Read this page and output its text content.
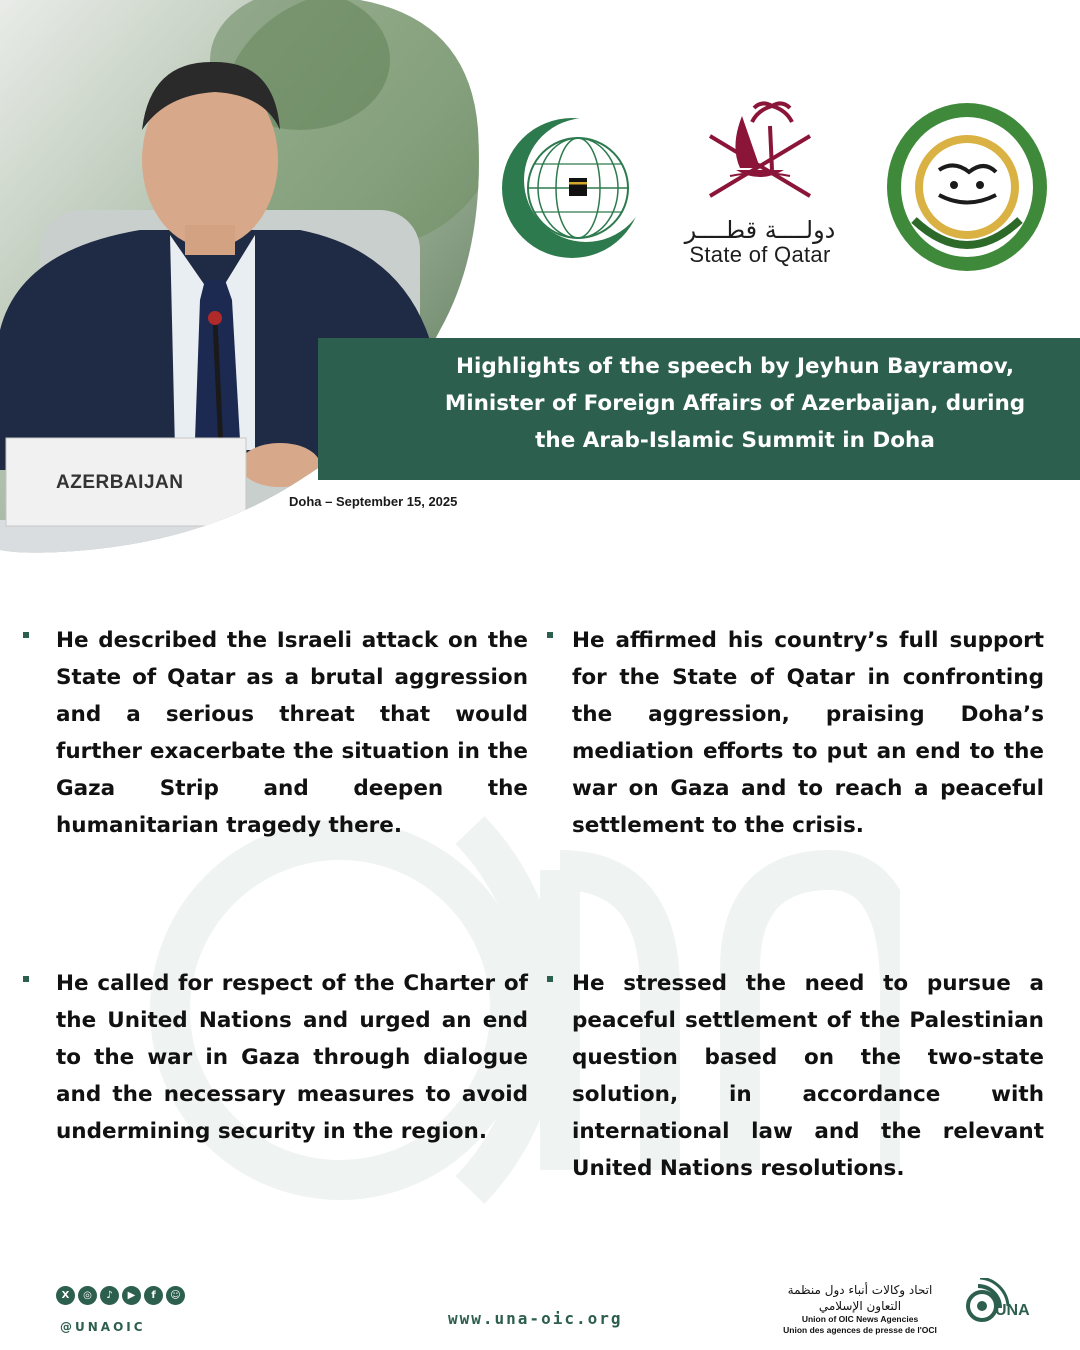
AZERBAIJAN
دولــــة قطــــر
State of Qatar
Highlights of the speech by Jeyhun Bayramov,
Minister of Foreign Affairs of Azerbaijan, during
the Arab-Islamic Summit in Doha
Doha – September 15, 2025
He described the Israeli attack on the State of Qatar as a brutal aggression and a serious threat that would further exacerbate the situation in the Gaza Strip and deepen the humanitarian tragedy there.
He affirmed his country’s full support for the State of Qatar in confronting the aggression, praising Doha’s mediation efforts to put an end to the war on Gaza and to reach a peaceful settlement to the crisis.
He called for respect of the Charter of the United Nations and urged an end to the war in Gaza through dialogue and the necessary measures to avoid undermining security in the region.
He stressed the need to pursue a peaceful settlement of the Palestinian question based on the two-state solution, in accordance with international law and the relevant United Nations resolutions.
X	◎	♪	▶	f	☺
@UNAOIC	www.una-oic.org
اتحاد وكالات أنباء دول منظمة التعاون الإسلامي
Union of OIC News Agencies
Union des agences de presse de l'OCI
UNA
